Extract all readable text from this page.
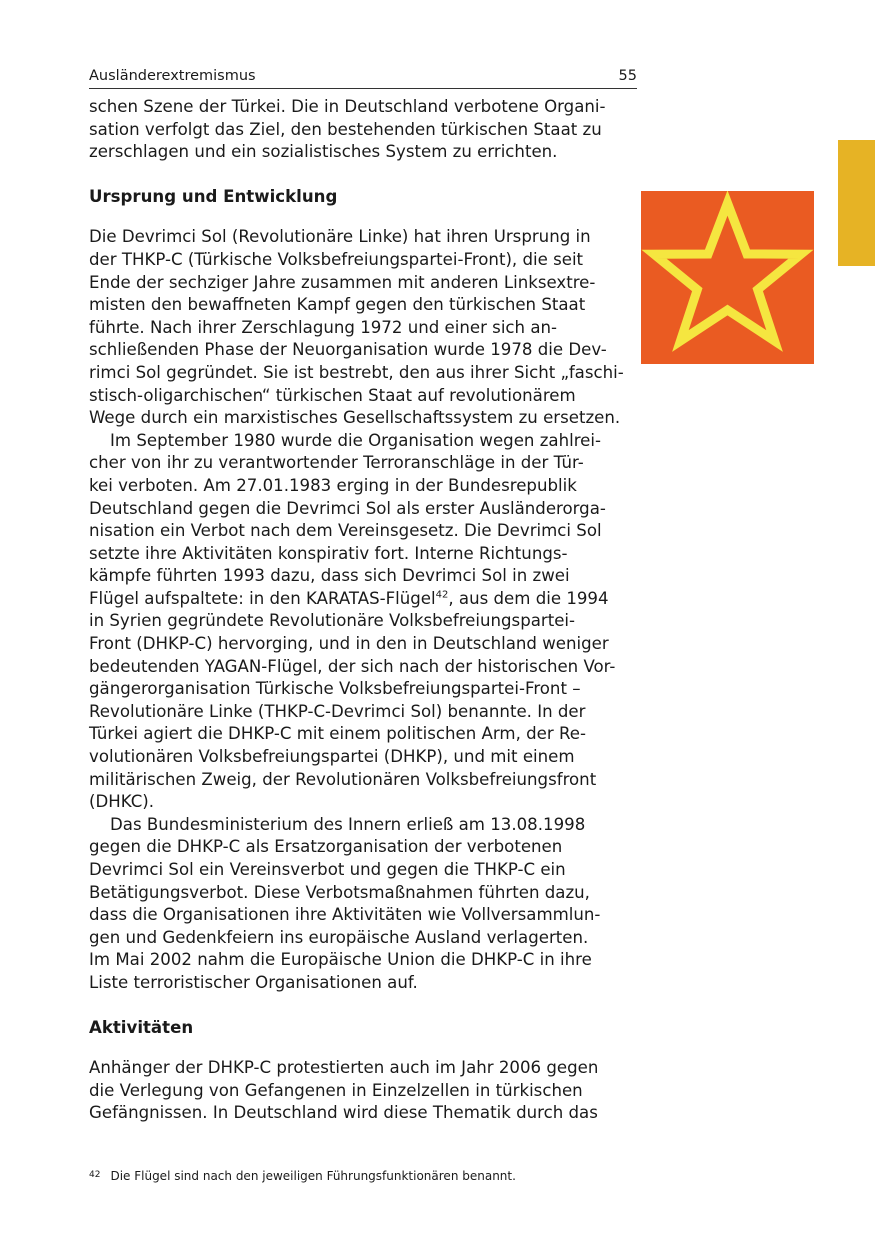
Ausländerextremismus	55

schen Szene der Türkei. Die in Deutschland verbotene Organi-
sation verfolgt das Ziel, den bestehenden türkischen Staat zu
zerschlagen und ein sozialistisches System zu errichten.

Ursprung und Entwicklung

Die Devrimci Sol (Revolutionäre Linke) hat ihren Ursprung in
der THKP-C (Türkische Volksbefreiungspartei-Front), die seit
Ende der sechziger Jahre zusammen mit anderen Linksextre-
misten den bewaffneten Kampf gegen den türkischen Staat
führte. Nach ihrer Zerschlagung 1972 und einer sich an-
schließenden Phase der Neuorganisation wurde 1978 die Dev-
rimci Sol gegründet. Sie ist bestrebt, den aus ihrer Sicht „faschi-
stisch-oligarchischen“ türkischen Staat auf revolutionärem
Wege durch ein marxistisches Gesellschaftssystem zu ersetzen.

Im September 1980 wurde die Organisation wegen zahlrei-
cher von ihr zu verantwortender Terroranschläge in der Tür-
kei verboten. Am 27.01.1983 erging in der Bundesrepublik
Deutschland gegen die Devrimci Sol als erster Ausländerorga-
nisation ein Verbot nach dem Vereinsgesetz. Die Devrimci Sol
setzte ihre Aktivitäten konspirativ fort. Interne Richtungs-
kämpfe führten 1993 dazu, dass sich Devrimci Sol in zwei
Flügel aufspaltete: in den KARATAS-Flügel$^{42}$, aus dem die 1994
in Syrien gegründete Revolutionäre Volksbefreiungspartei-
Front (DHKP-C) hervorging, und in den in Deutschland weniger
bedeutenden YAGAN-Flügel, der sich nach der historischen Vor-
gängerorganisation Türkische Volksbefreiungspartei-Front –
Revolutionäre Linke (THKP-C-Devrimci Sol) benannte. In der
Türkei agiert die DHKP-C mit einem politischen Arm, der Re-
volutionären Volksbefreiungspartei (DHKP), und mit einem
militärischen Zweig, der Revolutionären Volksbefreiungsfront
(DHKC).

Das Bundesministerium des Innern erließ am 13.08.1998
gegen die DHKP-C als Ersatzorganisation der verbotenen
Devrimci Sol ein Vereinsverbot und gegen die THKP-C ein
Betätigungsverbot. Diese Verbotsmaßnahmen führten dazu,
dass die Organisationen ihre Aktivitäten wie Vollversammlun-
gen und Gedenkfeiern ins europäische Ausland verlagerten.
Im Mai 2002 nahm die Europäische Union die DHKP-C in ihre
Liste terroristischer Organisationen auf.

Aktivitäten

Anhänger der DHKP-C protestierten auch im Jahr 2006 gegen
die Verlegung von Gefangenen in Einzelzellen in türkischen
Gefängnissen. In Deutschland wird diese Thematik durch das

$^{42}$ Die Flügel sind nach den jeweiligen Führungsfunktionären benannt.
